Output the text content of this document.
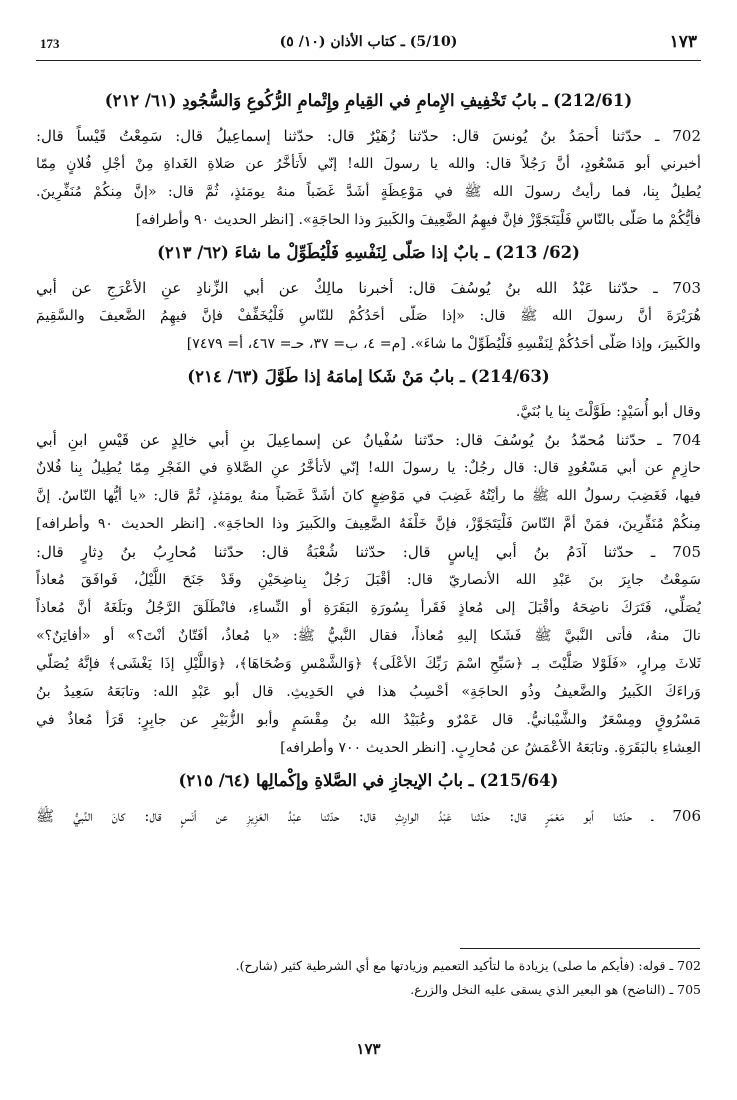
١٧٣
(5/10) ـ كتاب الأذان (١٠/ ٥)
173
(212/61) ـ بابُ تَخْفِيفِ الإِمامِ في القِيامِ وإِتْمامِ الرُّكُوعِ وَالسُّجُودِ (٦١/ ٢١٢)
702 ـ حدّثنا أحمَدُ بنُ يُونسَ قال: حدّثنا زُهَيْرٌ قال: حدّثنا إسماعِيلُ قال: سَمِعْتُ قَيْساً قال:
أخبرني أبو مَسْعُودٍ، أنَّ رَجُلاً قال: والله يا رسولَ الله! إنّي لأَتأخَّرُ عن صَلاةِ الغَداةِ مِنْ أجْلِ فُلانٍ مِمّا
يُطيلُ بِنا، فما رأيتُ رسولَ الله ﷺ في مَوْعِظَةٍ أشَدَّ غَضَباً منهُ يومَئذٍ، ثُمَّ قال: «إنَّ مِنكُمْ مُنَفِّرِينَ.
فأيُّكُمْ ما صَلّى بالنّاسِ فَلْيَتَجَوَّزْ فإنَّ فيهِمُ الضَّعِيفَ والكَبيرَ وذا الحاجَةِ». [انظر الحديث ٩٠ وأطرافه]
(62/ 213) ـ بابٌ إذا صَلّى لِنَفْسِهِ فَلْيُطَوِّلْ ما شاءَ (٦٢/ ٢١٣)
703 ـ حدّثنا عَبْدُ الله بنُ يُوسُفَ قال: أخبرنا مالِكٌ عن أبي الزِّنادِ عنِ الأعْرَجِ عن أبي
هُرَيْرَةَ أنَّ رسولَ الله ﷺ قال: «إذا صَلّى أحَدُكُمْ للنّاسِ فَلْيُخَفِّفْ فإنَّ فيهِمُ الضَّعيفَ والسَّقِيمَ
والكَبيرَ، وإذا صَلّى أحَدُكُمْ لِنَفْسِهِ فَلْيُطَوِّلْ ما شاءَ». [م= ٤، ب= ٣٧، حـ= ٤٦٧، أ= ٧٤٧٩]
(214/63) ـ بابُ مَنْ شَكا إمامَهُ إذا طَوَّلَ (٦٣/ ٢١٤)
وقال أبو أُسَيْدٍ: طَوَّلْتَ بِنا يا بُنَيَّ.
704 ـ حدّثنا مُحمّدُ بنُ يُوسُفَ قال: حدّثنا سُفْيانُ عن إسماعِيلَ بنِ أبي خالِدٍ عن قَيْسِ ابنِ أبي
حازِمٍ عن أبي مَسْعُودٍ قال: قال رجُلٌ: يا رسولَ الله! إنّي لأتأخَّرُ عنِ الصَّلاةِ في الفَجْرِ مِمّا يُطِيلُ بِنا فُلانٌ
فيها، فَغَضِبَ رسولُ الله ﷺ ما رأيْتُهُ غَضِبَ في مَوْضِعٍ كانَ أشَدَّ غَضَباً منهُ يومَئذٍ، ثُمَّ قال: «يا أيُّها النّاسُ. إنَّ
مِنكُمْ مُنَفِّرِينَ، فمَنْ أمَّ النّاسَ فَلْيَتَجَوَّزْ، فإنَّ خَلْفَهُ الضَّعِيفَ والكَبيرَ وذا الحاجَةِ». [انظر الحديث ٩٠ وأطرافه]
705 ـ حدّثنا آدَمُ بنُ أبي إياسٍ قال: حدّثنا شُعْبَةُ قال: حدّثنا مُحارِبُ بنُ دِثارٍ قال:
سَمِعْتُ جابِرَ بنَ عَبْدِ الله الأنصاريّ قال: أقْبَلَ رَجُلٌ بِناضِحَيْنِ وقَدْ جَنَحَ اللَّيْلُ، فَوافَقَ مُعاذاً
يُصَلِّي، فَتَرَكَ ناضِحَهُ وأقْبَلَ إلى مُعاذٍ فَقَرأ بِسُورَةِ البَقَرَةِ أو النِّساءِ، فانْطَلَقَ الرَّجُلُ وبَلَغَهُ أنَّ مُعاذاً
نالَ منهُ، فأتى النَّبيَّ ﷺ فَشَكا إليهِ مُعاذاً، فقال النَّبيُّ ﷺ: «يا مُعاذُ، أفَتّانٌ أنْتَ؟» أو «أفاتِنٌ؟»
ثَلاثَ مِرارٍ، «فَلَوْلا صَلَّيْتَ بـ ﴿سَبِّحِ اسْمَ رَبِّكَ الأعْلَى﴾ ﴿وَالشَّمْسِ وَضُحَاهَا﴾، ﴿وَاللَّيْلِ إذَا يَغْشَى﴾ فإنَّهُ يُصَلّي
وَراءَكَ الكَبيرُ والضَّعيفُ وذُو الحاجَةِ» أحْسِبُ هذا في الحَدِيثِ. قال أبو عَبْدِ الله: وتابَعَهُ سَعِيدُ بنُ
مَسْرُوقٍ ومِسْعَرٌ والشَّيْبانيُّ. قال عَمْرٌو وعُبَيْدُ الله بنُ مِقْسَمٍ وأبو الزُّبَيْرِ عن جابِرٍ: قَرَأ مُعاذٌ في
العِشاءِ بالبَقَرَةِ. وتابَعَهُ الأعْمَشُ عن مُحارِبٍ. [انظر الحديث ٧٠٠ وأطرافه]
(215/64) ـ بابُ الإيجازِ في الصَّلاةِ وإكْمالِها (٦٤/ ٢١٥)
706 ـ حدّثنا أبو مَعْمَرٍ قال: حدّثنا عَبْدُ الوارِثِ قال: حدّثنا عبْدُ العَزِيزِ عن أنَسٍ قال: كانَ النَّبيُّ ﷺ
702 ـ قوله: (فأيكم ما صلى) يزيادة ما لتأكيد التعميم وزيادتها مع أي الشرطية كثير (شارح).
705 ـ (الناضح) هو البعير الذي يسقى عليه النخل والزرع.
١٧٣
